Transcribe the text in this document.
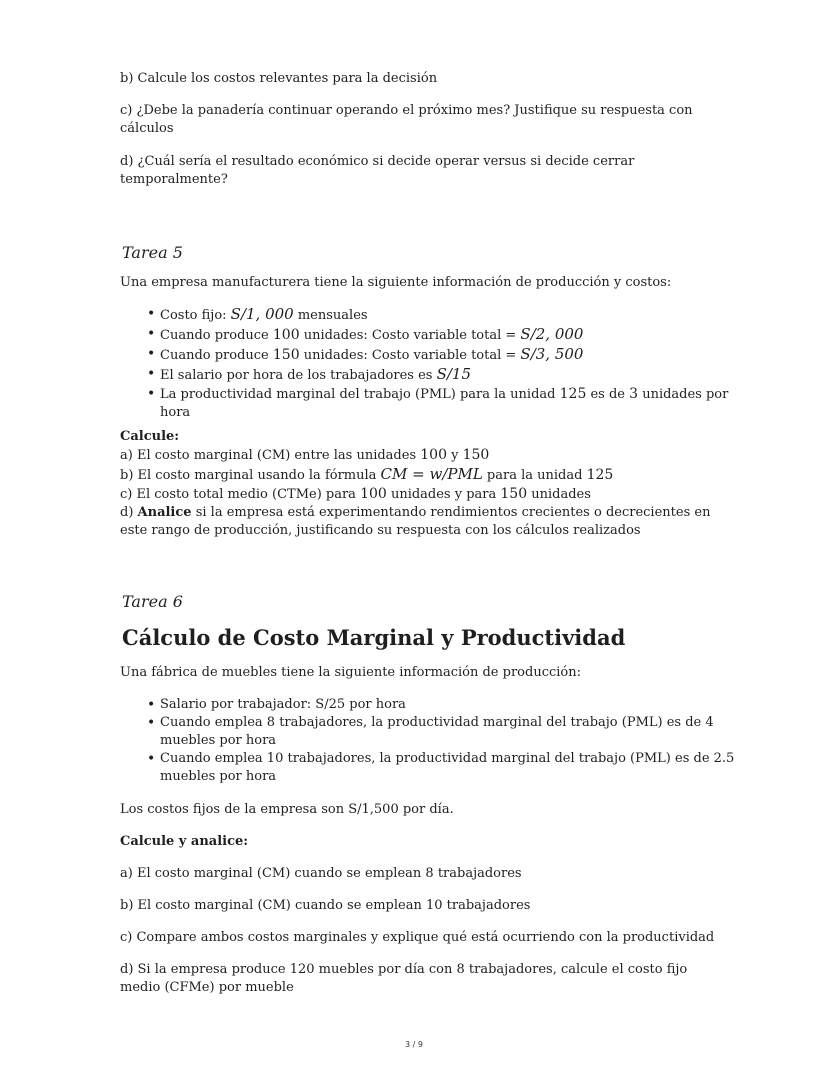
b) Calcule los costos relevantes para la decisión

c) ¿Debe la panadería continuar operando el próximo mes? Justifique su respuesta con cálculos

d) ¿Cuál sería el resultado económico si decide operar versus si decide cerrar temporalmente?

Tarea 5

Una empresa manufacturera tiene la siguiente información de producción y costos:

• Costo fijo: S/1, 000 mensuales
• Cuando produce 100 unidades: Costo variable total = S/2, 000
• Cuando produce 150 unidades: Costo variable total = S/3, 500
• El salario por hora de los trabajadores es S/15
• La productividad marginal del trabajo (PML) para la unidad 125 es de 3 unidades por hora

Calcule:

a) El costo marginal (CM) entre las unidades 100 y 150

b) El costo marginal usando la fórmula CM = w/PML para la unidad 125

c) El costo total medio (CTMe) para 100 unidades y para 150 unidades

d) Analice si la empresa está experimentando rendimientos crecientes o decrecientes en este rango de producción, justificando su respuesta con los cálculos realizados

Tarea 6
Cálculo de Costo Marginal y Productividad

Una fábrica de muebles tiene la siguiente información de producción:

• Salario por trabajador: S/25 por hora
• Cuando emplea 8 trabajadores, la productividad marginal del trabajo (PML) es de 4 muebles por hora
• Cuando emplea 10 trabajadores, la productividad marginal del trabajo (PML) es de 2.5 muebles por hora

Los costos fijos de la empresa son S/1,500 por día.

Calcule y analice:

a) El costo marginal (CM) cuando se emplean 8 trabajadores

b) El costo marginal (CM) cuando se emplean 10 trabajadores

c) Compare ambos costos marginales y explique qué está ocurriendo con la productividad

d) Si la empresa produce 120 muebles por día con 8 trabajadores, calcule el costo fijo medio (CFMe) por mueble

3 / 9
